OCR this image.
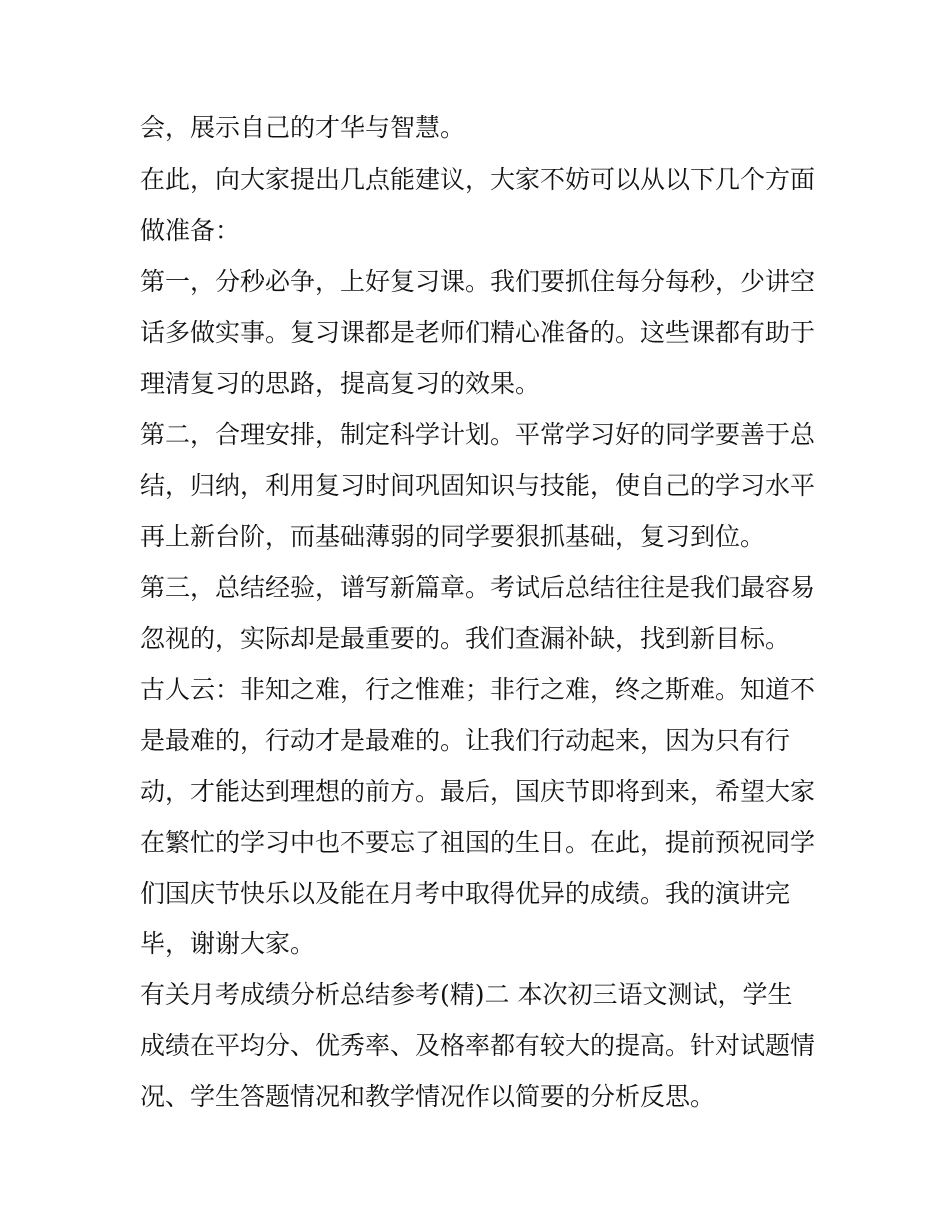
会，展示自己的才华与智慧。

在此，向大家提出几点能建议，大家不妨可以从以下几个方面

做准备：

第一，分秒必争，上好复习课。我们要抓住每分每秒，少讲空

话多做实事。复习课都是老师们精心准备的。这些课都有助于

理清复习的思路，提高复习的效果。

第二，合理安排，制定科学计划。平常学习好的同学要善于总

结，归纳，利用复习时间巩固知识与技能，使自己的学习水平

再上新台阶，而基础薄弱的同学要狠抓基础，复习到位。

第三，总结经验，谱写新篇章。考试后总结往往是我们最容易

忽视的，实际却是最重要的。我们查漏补缺，找到新目标。

古人云：非知之难，行之惟难；非行之难，终之斯难。知道不

是最难的，行动才是最难的。让我们行动起来，因为只有行

动，才能达到理想的前方。最后，国庆节即将到来，希望大家

在繁忙的学习中也不要忘了祖国的生日。在此，提前预祝同学

们国庆节快乐以及能在月考中取得优异的成绩。我的演讲完

毕，谢谢大家。

有关月考成绩分析总结参考(精)二 本次初三语文测试，学生

成绩在平均分、优秀率、及格率都有较大的提高。针对试题情

况、学生答题情况和教学情况作以简要的分析反思。
